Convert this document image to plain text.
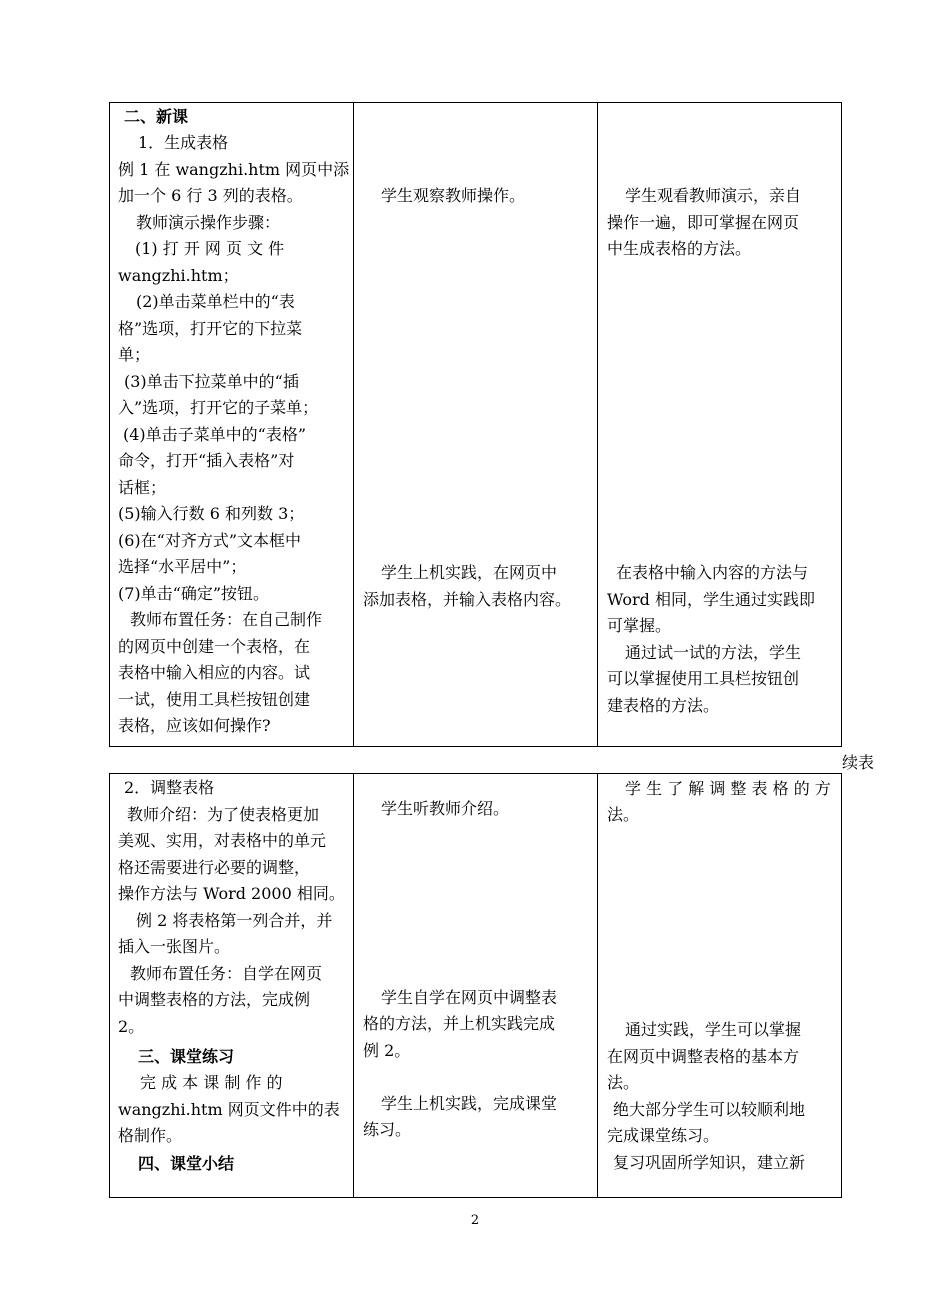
二、新课
1．生成表格
例 1 在 wangzhi.htm 网页中添
加一个 6 行 3 列的表格。
教师演示操作步骤：
(1) 打 开 网 页 文 件
wangzhi.htm；
(2)单击菜单栏中的“表
格”选项，打开它的下拉菜
单；
(3)单击下拉菜单中的“插
入”选项，打开它的子菜单；
(4)单击子菜单中的“表格”
命令，打开“插入表格”对
话框；
(5)输入行数 6 和列数 3；
(6)在“对齐方式”文本框中
选择“水平居中”；
(7)单击“确定”按钮。
教师布置任务：在自己制作
的网页中创建一个表格，在
表格中输入相应的内容。试
一试，使用工具栏按钮创建
表格，应该如何操作?
学生观察教师操作。
学生上机实践，在网页中
添加表格，并输入表格内容。
学生观看教师演示，亲自
操作一遍，即可掌握在网页
中生成表格的方法。
在表格中输入内容的方法与
Word 相同，学生通过实践即
可掌握。
通过试一试的方法，学生
可以掌握使用工具栏按钮创
建表格的方法。
续表
2．调整表格
教师介绍：为了使表格更加
美观、实用，对表格中的单元
格还需要进行必要的调整，
操作方法与 Word 2000 相同。
例 2 将表格第一列合并，并
插入一张图片。
教师布置任务：自学在网页
中调整表格的方法，完成例
2。
三、课堂练习
完 成 本 课 制 作 的
wangzhi.htm 网页文件中的表
格制作。
四、课堂小结
学生听教师介绍。
学生自学在网页中调整表
格的方法，并上机实践完成
例 2。
学生上机实践，完成课堂
练习。
学 生 了 解 调 整 表 格 的 方
法。
通过实践，学生可以掌握
在网页中调整表格的基本方
法。
绝大部分学生可以较顺利地
完成课堂练习。
复习巩固所学知识，建立新
2
